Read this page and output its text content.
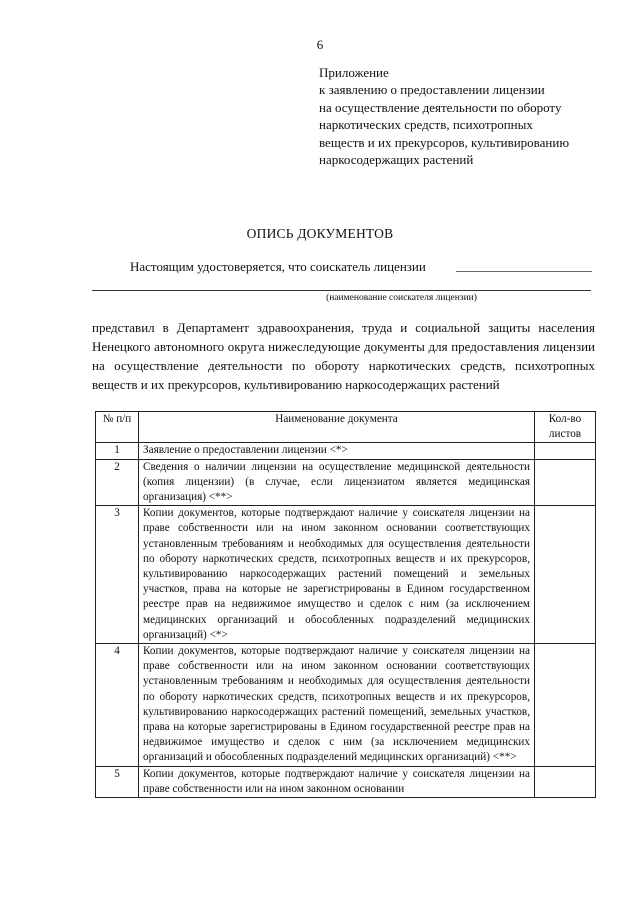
6
Приложение
к заявлению о предоставлении лицензии
на осуществление деятельности по обороту
наркотических средств, психотропных
веществ и их прекурсоров, культивированию
наркосодержащих растений
ОПИСЬ ДОКУМЕНТОВ
Настоящим удостоверяется, что соискатель лицензии
(наименование соискателя лицензии)
представил в Департамент здравоохранения, труда и социальной защиты населения Ненецкого автономного округа нижеследующие документы для предоставления лицензии на осуществление деятельности по обороту наркотических средств, психотропных веществ и их прекурсоров, культивированию наркосодержащих растений
№ п/п	Наименование документа	Кол-во листов
1	Заявление о предоставлении лицензии <*>	
2	Сведения о наличии лицензии на осуществление медицинской деятельности (копия лицензии) (в случае, если лицензиатом является медицинская организация) <**>	
3	Копии документов, которые подтверждают наличие у соискателя лицензии на праве собственности или на ином законном основании соответствующих установленным требованиям и необходимых для осуществления деятельности по обороту наркотических средств, психотропных веществ и их прекурсоров, культивированию наркосодержащих растений помещений и земельных участков, права на которые не зарегистрированы в Едином государственном реестре прав на недвижимое имущество и сделок с ним (за исключением медицинских организаций и обособленных подразделений медицинских организаций) <*>	
4	Копии документов, которые подтверждают наличие у соискателя лицензии на праве собственности или на ином законном основании соответствующих установленным требованиям и необходимых для осуществления деятельности по обороту наркотических средств, психотропных веществ и их прекурсоров, культивированию наркосодержащих растений помещений, земельных участков, права на которые зарегистрированы в Едином государственной реестре прав на недвижимое имущество и сделок с ним (за исключением медицинских организаций и обособленных подразделений медицинских организаций) <**>	
5	Копии документов, которые подтверждают наличие у соискателя лицензии на праве собственности или на ином законном основании	
